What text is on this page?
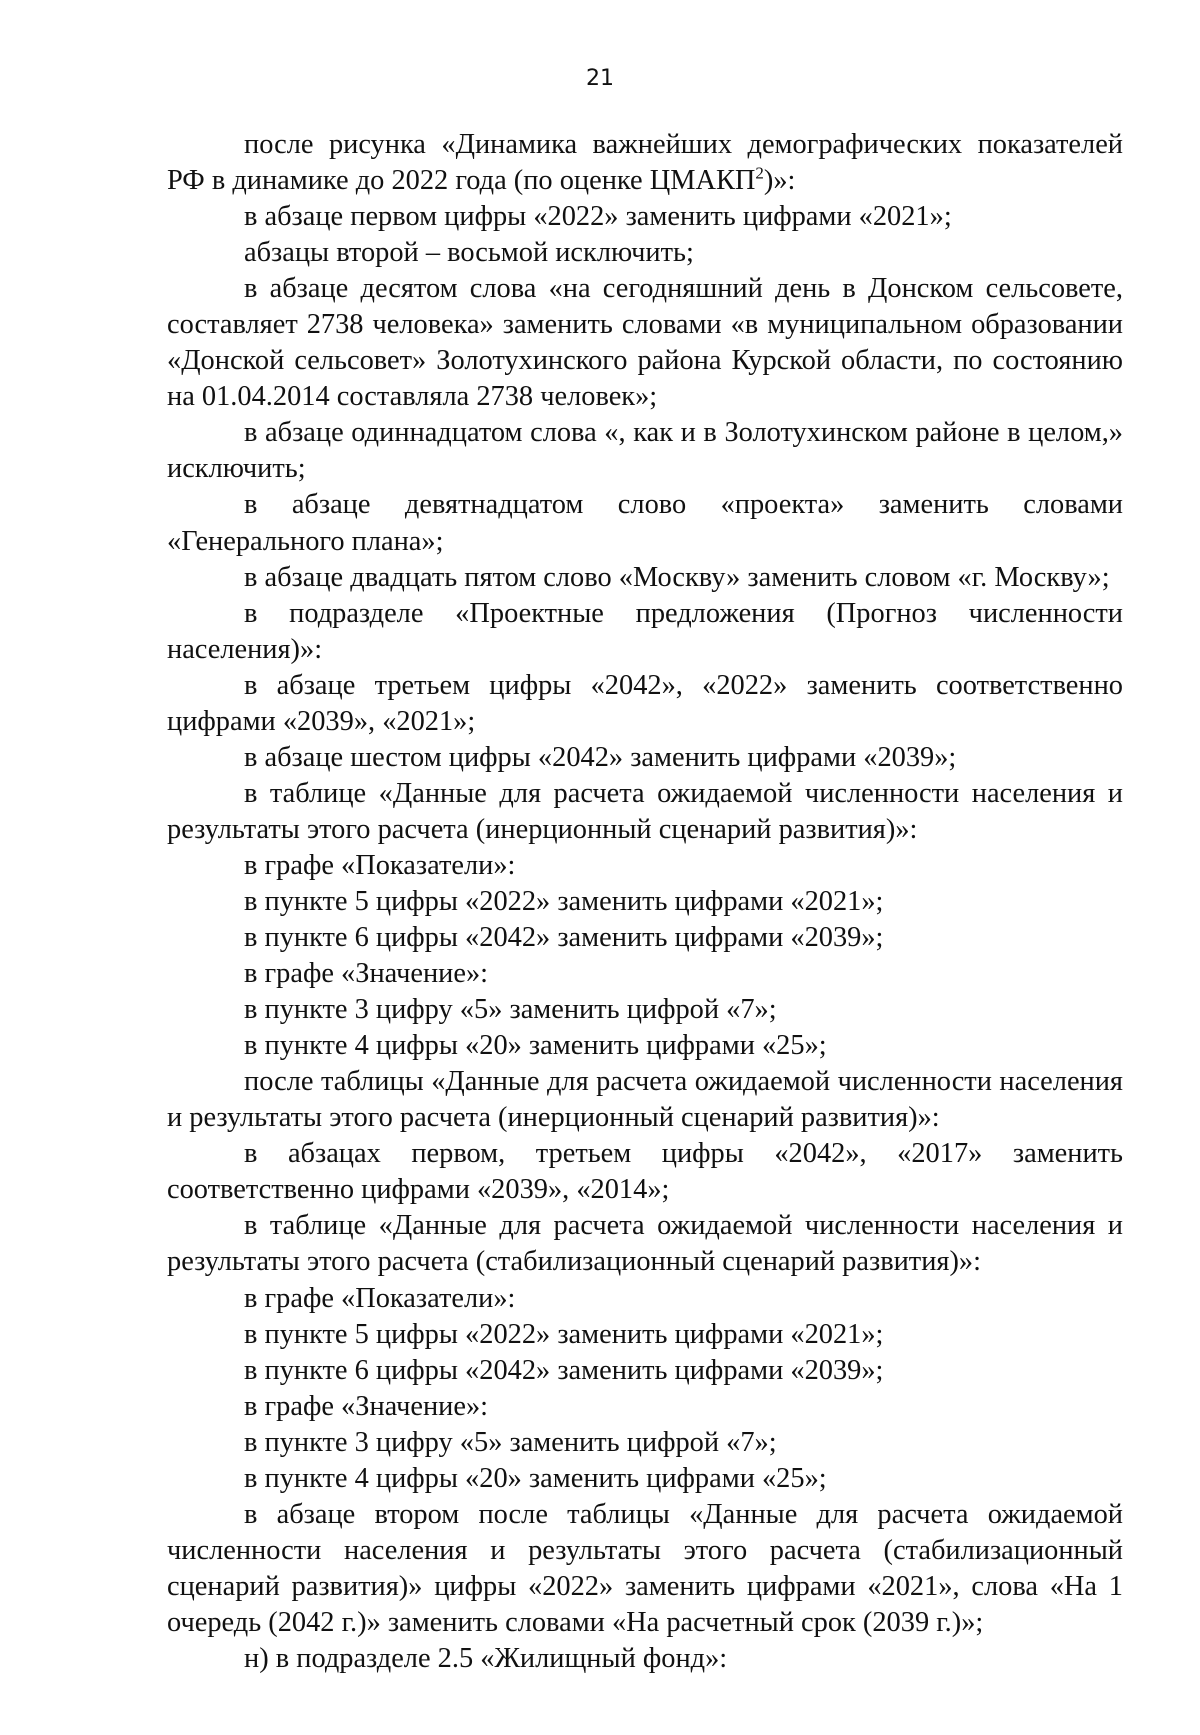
21

после рисунка «Динамика важнейших демографических показателей РФ в динамике до 2022 года (по оценке ЦМАКП$^2$)»:

в абзаце первом цифры «2022» заменить цифрами «2021»;

абзацы второй – восьмой исключить;

в абзаце десятом слова «на сегодняшний день в Донском сельсовете, составляет 2738 человека» заменить словами «в муниципальном образовании «Донской сельсовет» Золотухинского района Курской области, по состоянию на 01.04.2014 составляла 2738 человек»;

в абзаце одиннадцатом слова «, как и в Золотухинском районе в целом,» исключить;

в абзаце девятнадцатом слово «проекта» заменить словами «Генерального плана»;

в абзаце двадцать пятом слово «Москву» заменить словом «г. Москву»;

в подразделе «Проектные предложения (Прогноз численности населения)»:

в абзаце третьем цифры «2042», «2022» заменить соответственно цифрами «2039», «2021»;

в абзаце шестом цифры «2042» заменить цифрами «2039»;

в таблице «Данные для расчета ожидаемой численности населения и результаты этого расчета (инерционный сценарий развития)»:

в графе «Показатели»:

в пункте 5 цифры «2022» заменить цифрами «2021»;

в пункте 6 цифры «2042» заменить цифрами «2039»;

в графе «Значение»:

в пункте 3 цифру «5» заменить цифрой «7»;

в пункте 4 цифры «20» заменить цифрами «25»;

после таблицы «Данные для расчета ожидаемой численности населения и результаты этого расчета (инерционный сценарий развития)»:

в абзацах первом, третьем цифры «2042», «2017» заменить соответственно цифрами «2039», «2014»;

в таблице «Данные для расчета ожидаемой численности населения и результаты этого расчета (стабилизационный сценарий развития)»:

в графе «Показатели»:

в пункте 5 цифры «2022» заменить цифрами «2021»;

в пункте 6 цифры «2042» заменить цифрами «2039»;

в графе «Значение»:

в пункте 3 цифру «5» заменить цифрой «7»;

в пункте 4 цифры «20» заменить цифрами «25»;

в абзаце втором после таблицы «Данные для расчета ожидаемой численности населения и результаты этого расчета (стабилизационный сценарий развития)» цифры «2022» заменить цифрами «2021», слова «На 1 очередь (2042 г.)» заменить словами «На расчетный срок (2039 г.)»;

н) в подразделе 2.5 «Жилищный фонд»:
